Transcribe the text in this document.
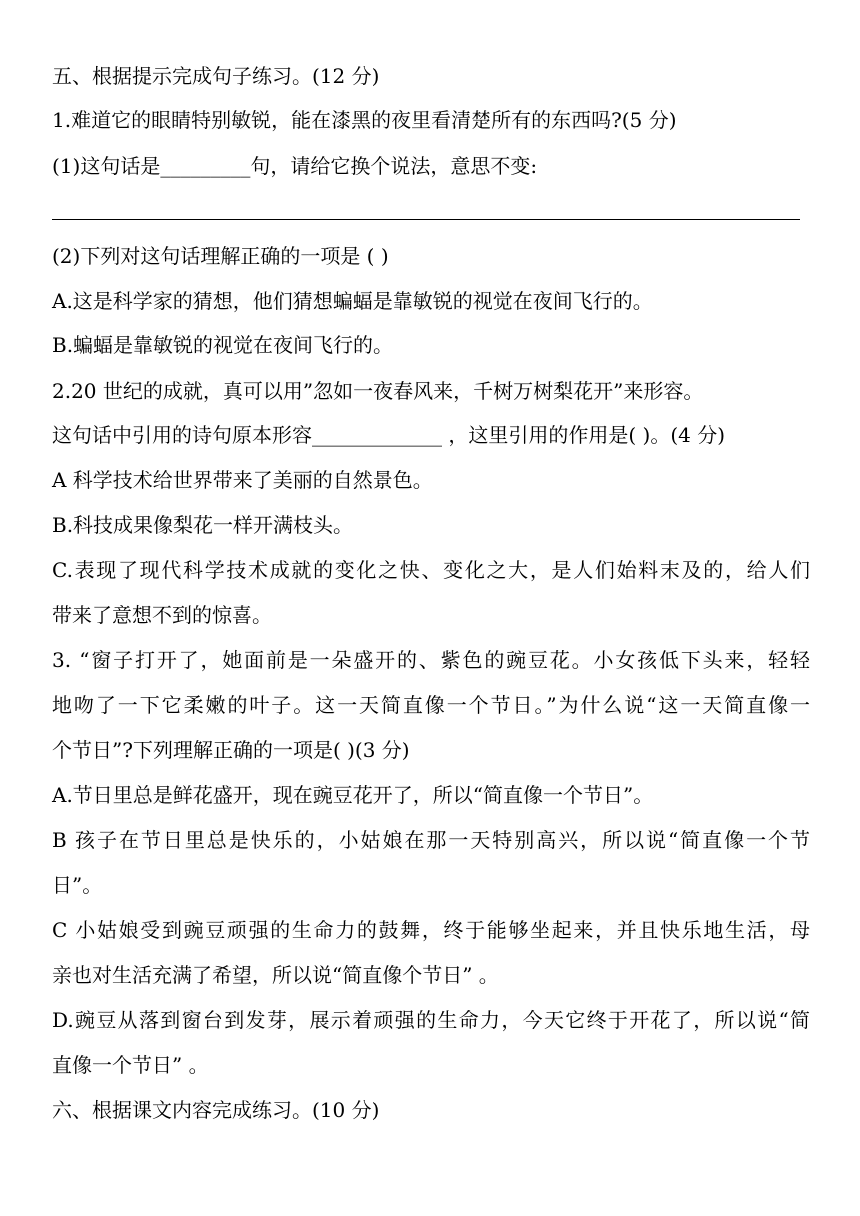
五、根据提示完成句子练习。(12 分)
1.难道它的眼睛特别敏锐，能在漆黑的夜里看清楚所有的东西吗?(5 分)
(1)这句话是_________句，请给它换个说法，意思不变:
(2)下列对这句话理解正确的一项是 ( )
A.这是科学家的猜想，他们猜想蝙蝠是靠敏锐的视觉在夜间飞行的。
B.蝙蝠是靠敏锐的视觉在夜间飞行的。
2.20 世纪的成就，真可以用”忽如一夜春风来，千树万树梨花开”来形容。
这句话中引用的诗句原本形容_____________ ，这里引用的作用是( )。(4 分)
A 科学技术给世界带来了美丽的自然景色。
B.科技成果像梨花一样开满枝头。
C.表现了现代科学技术成就的变化之快、变化之大，是人们始料末及的，给人们
带来了意想不到的惊喜。
3. “窗子打开了，她面前是一朵盛开的、紫色的豌豆花。小女孩低下头来，轻轻
地吻了一下它柔嫩的叶子。这一天简直像一个节日。”为什么说“这一天简直像一
个节日”?下列理解正确的一项是( )(3 分)
A.节日里总是鲜花盛开，现在豌豆花开了，所以“简直像一个节日”。
B 孩子在节日里总是快乐的，小姑娘在那一天特别高兴，所以说“简直像一个节
日”。
C 小姑娘受到豌豆顽强的生命力的鼓舞，终于能够坐起来，并且快乐地生活，母
亲也对生活充满了希望，所以说“简直像个节日” 。
D.豌豆从落到窗台到发芽，展示着顽强的生命力，今天它终于开花了，所以说“简
直像一个节日” 。
六、根据课文内容完成练习。(10 分)
